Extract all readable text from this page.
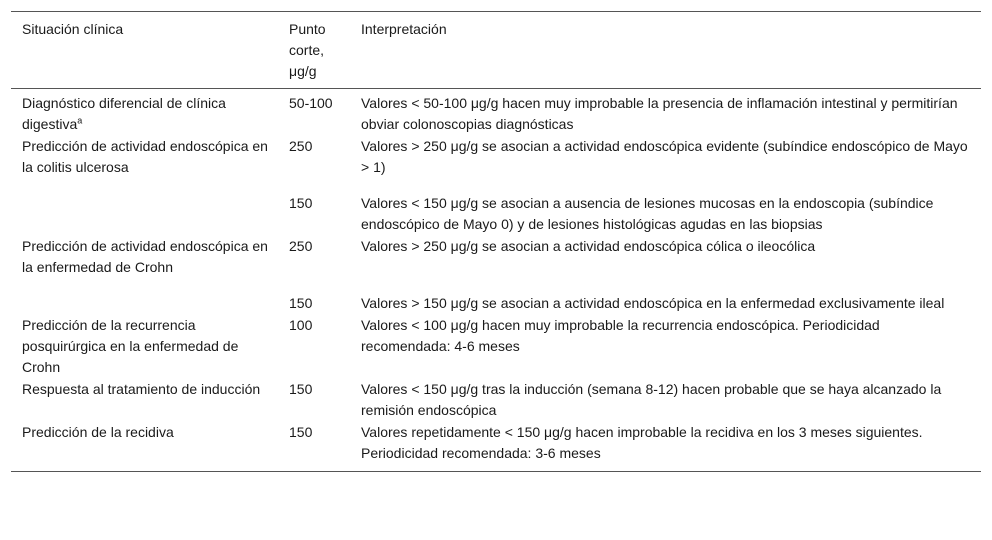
Situación clínica	Punto corte, μg/g	Interpretación
Diagnóstico diferencial de clínica digestiva$^a$	50-100	Valores < 50-100 μg/g hacen muy improbable la presencia de inflamación intestinal y permitirían obviar colonoscopias diagnósticas
Predicción de actividad endoscópica en la colitis ulcerosa	250	Valores > 250 μg/g se asocian a actividad endoscópica evidente (subíndice endoscópico de Mayo > 1)
	150	Valores < 150 μg/g se asocian a ausencia de lesiones mucosas en la endoscopia (subíndice endoscópico de Mayo 0) y de lesiones histológicas agudas en las biopsias
Predicción de actividad endoscópica en la enfermedad de Crohn	250	Valores > 250 μg/g se asocian a actividad endoscópica cólica o ileocólica
	150	Valores > 150 μg/g se asocian a actividad endoscópica en la enfermedad exclusivamente ileal
Predicción de la recurrencia posquirúrgica en la enfermedad de Crohn	100	Valores < 100 μg/g hacen muy improbable la recurrencia endoscópica. Periodicidad recomendada: 4-6 meses
Respuesta al tratamiento de inducción	150	Valores < 150 μg/g tras la inducción (semana 8-12) hacen probable que se haya alcanzado la remisión endoscópica
Predicción de la recidiva	150	Valores repetidamente < 150 μg/g hacen improbable la recidiva en los 3 meses siguientes. Periodicidad recomendada: 3-6 meses
